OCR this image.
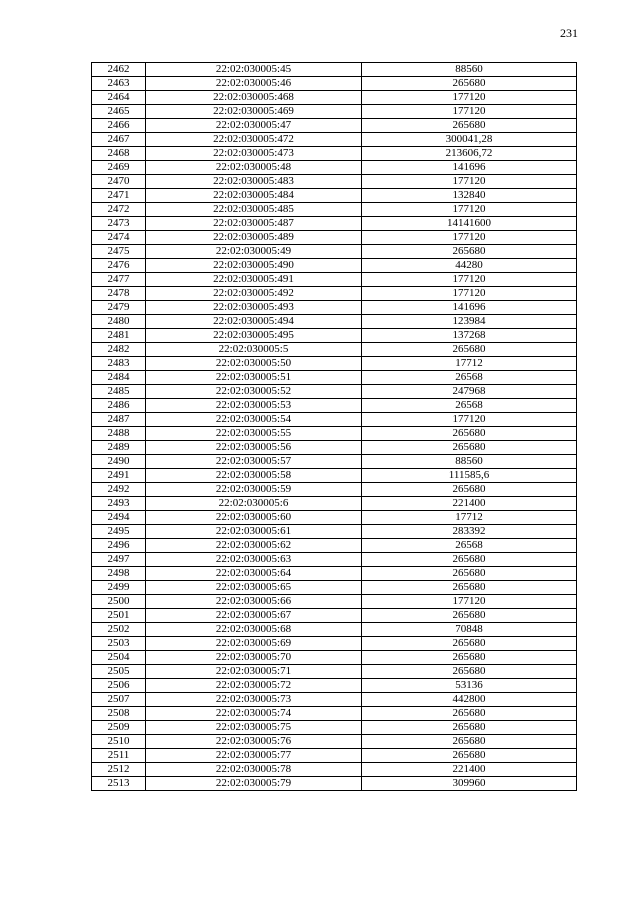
231
2462	22:02:030005:45	88560
2463	22:02:030005:46	265680
2464	22:02:030005:468	177120
2465	22:02:030005:469	177120
2466	22:02:030005:47	265680
2467	22:02:030005:472	300041,28
2468	22:02:030005:473	213606,72
2469	22:02:030005:48	141696
2470	22:02:030005:483	177120
2471	22:02:030005:484	132840
2472	22:02:030005:485	177120
2473	22:02:030005:487	14141600
2474	22:02:030005:489	177120
2475	22:02:030005:49	265680
2476	22:02:030005:490	44280
2477	22:02:030005:491	177120
2478	22:02:030005:492	177120
2479	22:02:030005:493	141696
2480	22:02:030005:494	123984
2481	22:02:030005:495	137268
2482	22:02:030005:5	265680
2483	22:02:030005:50	17712
2484	22:02:030005:51	26568
2485	22:02:030005:52	247968
2486	22:02:030005:53	26568
2487	22:02:030005:54	177120
2488	22:02:030005:55	265680
2489	22:02:030005:56	265680
2490	22:02:030005:57	88560
2491	22:02:030005:58	111585,6
2492	22:02:030005:59	265680
2493	22:02:030005:6	221400
2494	22:02:030005:60	17712
2495	22:02:030005:61	283392
2496	22:02:030005:62	26568
2497	22:02:030005:63	265680
2498	22:02:030005:64	265680
2499	22:02:030005:65	265680
2500	22:02:030005:66	177120
2501	22:02:030005:67	265680
2502	22:02:030005:68	70848
2503	22:02:030005:69	265680
2504	22:02:030005:70	265680
2505	22:02:030005:71	265680
2506	22:02:030005:72	53136
2507	22:02:030005:73	442800
2508	22:02:030005:74	265680
2509	22:02:030005:75	265680
2510	22:02:030005:76	265680
2511	22:02:030005:77	265680
2512	22:02:030005:78	221400
2513	22:02:030005:79	309960
